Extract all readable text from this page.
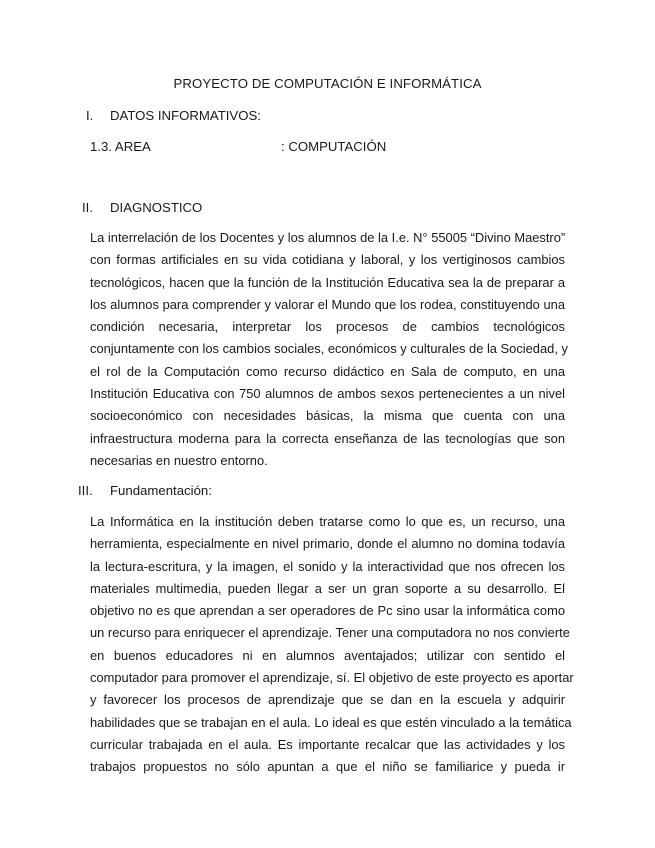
PROYECTO DE COMPUTACIÓN E INFORMÁTICA
I. DATOS INFORMATIVOS:
1.3. AREA	: COMPUTACIÓN
II. DIAGNOSTICO
La interrelación de los Docentes y los alumnos de la I.e. N° 55005 “Divino Maestro”
con formas artificiales en su vida cotidiana y laboral, y los vertiginosos cambios
tecnológicos, hacen que la función de la Institución Educativa sea la de preparar a
los alumnos para comprender y valorar el Mundo que los rodea, constituyendo una
condición necesaria, interpretar los procesos de cambios tecnológicos
conjuntamente con los cambios sociales, económicos y culturales de la Sociedad, y
el rol de la Computación como recurso didáctico en Sala de computo, en una
Institución Educativa con 750 alumnos de ambos sexos pertenecientes a un nivel
socioeconómico con necesidades básicas, la misma que cuenta con una
infraestructura moderna para la correcta enseñanza de las tecnologías que son
necesarias en nuestro entorno.
III. Fundamentación:
La Informática en la institución deben tratarse como lo que es, un recurso, una
herramienta, especialmente en nivel primario, donde el alumno no domina todavía
la lectura-escritura, y la imagen, el sonido y la interactividad que nos ofrecen los
materiales multimedia, pueden llegar a ser un gran soporte a su desarrollo. El
objetivo no es que aprendan a ser operadores de Pc sino usar la informática como
un recurso para enriquecer el aprendizaje. Tener una computadora no nos convierte
en buenos educadores ni en alumnos aventajados; utilizar con sentido el
computador para promover el aprendizaje, sí. El objetivo de este proyecto es aportar
y favorecer los procesos de aprendizaje que se dan en la escuela y adquirir
habilidades que se trabajan en el aula. Lo ideal es que estén vinculado a la temática
curricular trabajada en el aula. Es importante recalcar que las actividades y los
trabajos propuestos no sólo apuntan a que el niño se familiarice y pueda ir
